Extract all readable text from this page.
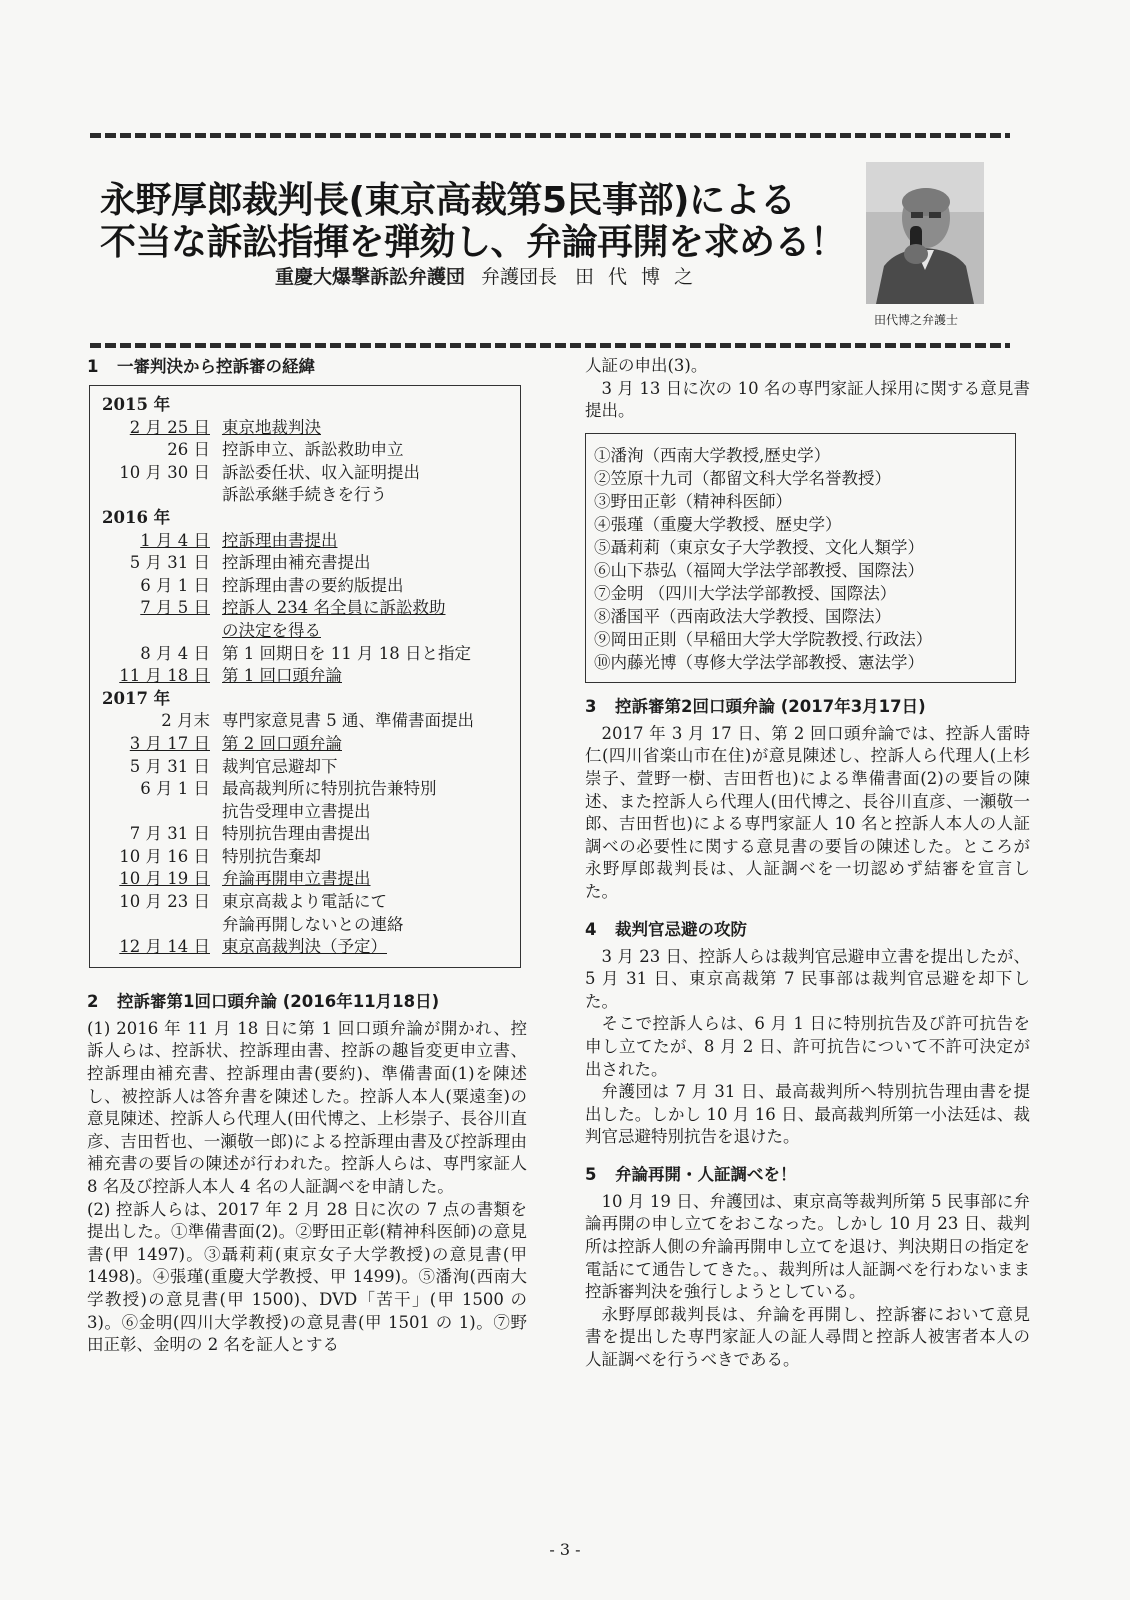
永野厚郎裁判長(東京高裁第5民事部)による
不当な訴訟指揮を弾劾し、弁論再開を求める！
重慶大爆撃訴訟弁護団 弁護団長 田代博之
田代博之弁護士
1 一審判決から控訴審の経緯
2015 年
2 月 25 日 東京地裁判決
26 日 控訴申立、訴訟救助申立
10 月 30 日 訴訟委任状、収入証明提出
訴訟承継手続きを行う
2016 年
1 月 4 日 控訴理由書提出
5 月 31 日 控訴理由補充書提出
6 月 1 日 控訴理由書の要約版提出
7 月 5 日 控訴人 234 名全員に訴訟救助
の決定を得る
8 月 4 日 第 1 回期日を 11 月 18 日と指定
11 月 18 日 第 1 回口頭弁論
2017 年
2 月末 専門家意見書 5 通、準備書面提出
3 月 17 日 第 2 回口頭弁論
5 月 31 日 裁判官忌避却下
6 月 1 日 最高裁判所に特別抗告兼特別
抗告受理申立書提出
7 月 31 日 特別抗告理由書提出
10 月 16 日 特別抗告棄却
10 月 19 日 弁論再開申立書提出
10 月 23 日 東京高裁より電話にて
弁論再開しないとの連絡
12 月 14 日 東京高裁判決（予定）
2 控訴審第1回口頭弁論 (2016年11月18日)

(1) 2016 年 11 月 18 日に第 1 回口頭弁論が開かれ、控訴人らは、控訴状、控訴理由書、控訴の趣旨変更申立書、控訴理由補充書、控訴理由書(要約)、準備書面(1)を陳述し、被控訴人は答弁書を陳述した。控訴人本人(粟遠奎)の意見陳述、控訴人ら代理人(田代博之、上杉崇子、長谷川直彦、吉田哲也、一瀬敬一郎)による控訴理由書及び控訴理由補充書の要旨の陳述が行われた。控訴人らは、専門家証人 8 名及び控訴人本人 4 名の人証調べを申請した。

(2) 控訴人らは、2017 年 2 月 28 日に次の 7 点の書類を提出した。①準備書面(2)。②野田正彰(精神科医師)の意見書(甲 1497)。③聶莉莉(東京女子大学教授)の意見書(甲 1498)。④張瑾(重慶大学教授、甲 1499)。⑤潘洵(西南大学教授)の意見書(甲 1500)、DVD「苦干」(甲 1500 の 3)。⑥金明(四川大学教授)の意見書(甲 1501 の 1)。⑦野田正彰、金明の 2 名を証人とする

人証の申出(3)。

3 月 13 日に次の 10 名の専門家証人採用に関する意見書提出。

①潘洵（西南大学教授,歴史学）
②笠原十九司（都留文科大学名誉教授）
③野田正彰（精神科医師）
④張瑾（重慶大学教授、歴史学）
⑤聶莉莉（東京女子大学教授、文化人類学）
⑥山下恭弘（福岡大学法学部教授、国際法）
⑦金明 （四川大学法学部教授、国際法）
⑧潘国平（西南政法大学教授、国際法）
⑨岡田正則（早稲田大学大学院教授､行政法）
⑩内藤光博（専修大学法学部教授、憲法学）
3 控訴審第2回口頭弁論 (2017年3月17日)

2017 年 3 月 17 日、第 2 回口頭弁論では、控訴人雷時仁(四川省楽山市在住)が意見陳述し、控訴人ら代理人(上杉崇子、萱野一樹、吉田哲也)による準備書面(2)の要旨の陳述、また控訴人ら代理人(田代博之、長谷川直彦、一瀬敬一郎、吉田哲也)による専門家証人 10 名と控訴人本人の人証調べの必要性に関する意見書の要旨の陳述した。ところが永野厚郎裁判長は、人証調べを一切認めず結審を宣言した。

4 裁判官忌避の攻防

3 月 23 日、控訴人らは裁判官忌避申立書を提出したが、5 月 31 日、東京高裁第 7 民事部は裁判官忌避を却下した。

そこで控訴人らは、6 月 1 日に特別抗告及び許可抗告を申し立てたが、8 月 2 日、許可抗告について不許可決定が出された。

弁護団は 7 月 31 日、最高裁判所へ特別抗告理由書を提出した。しかし 10 月 16 日、最高裁判所第一小法廷は、裁判官忌避特別抗告を退けた。

5 弁論再開・人証調べを！

10 月 19 日、弁護団は、東京高等裁判所第 5 民事部に弁論再開の申し立てをおこなった。しかし 10 月 23 日、裁判所は控訴人側の弁論再開申し立てを退け、判決期日の指定を電話にて通告してきた。、裁判所は人証調べを行わないまま控訴審判決を強行しようとしている。

永野厚郎裁判長は、弁論を再開し、控訴審において意見書を提出した専門家証人の証人尋問と控訴人被害者本人の人証調べを行うべきである。

- 3 -
